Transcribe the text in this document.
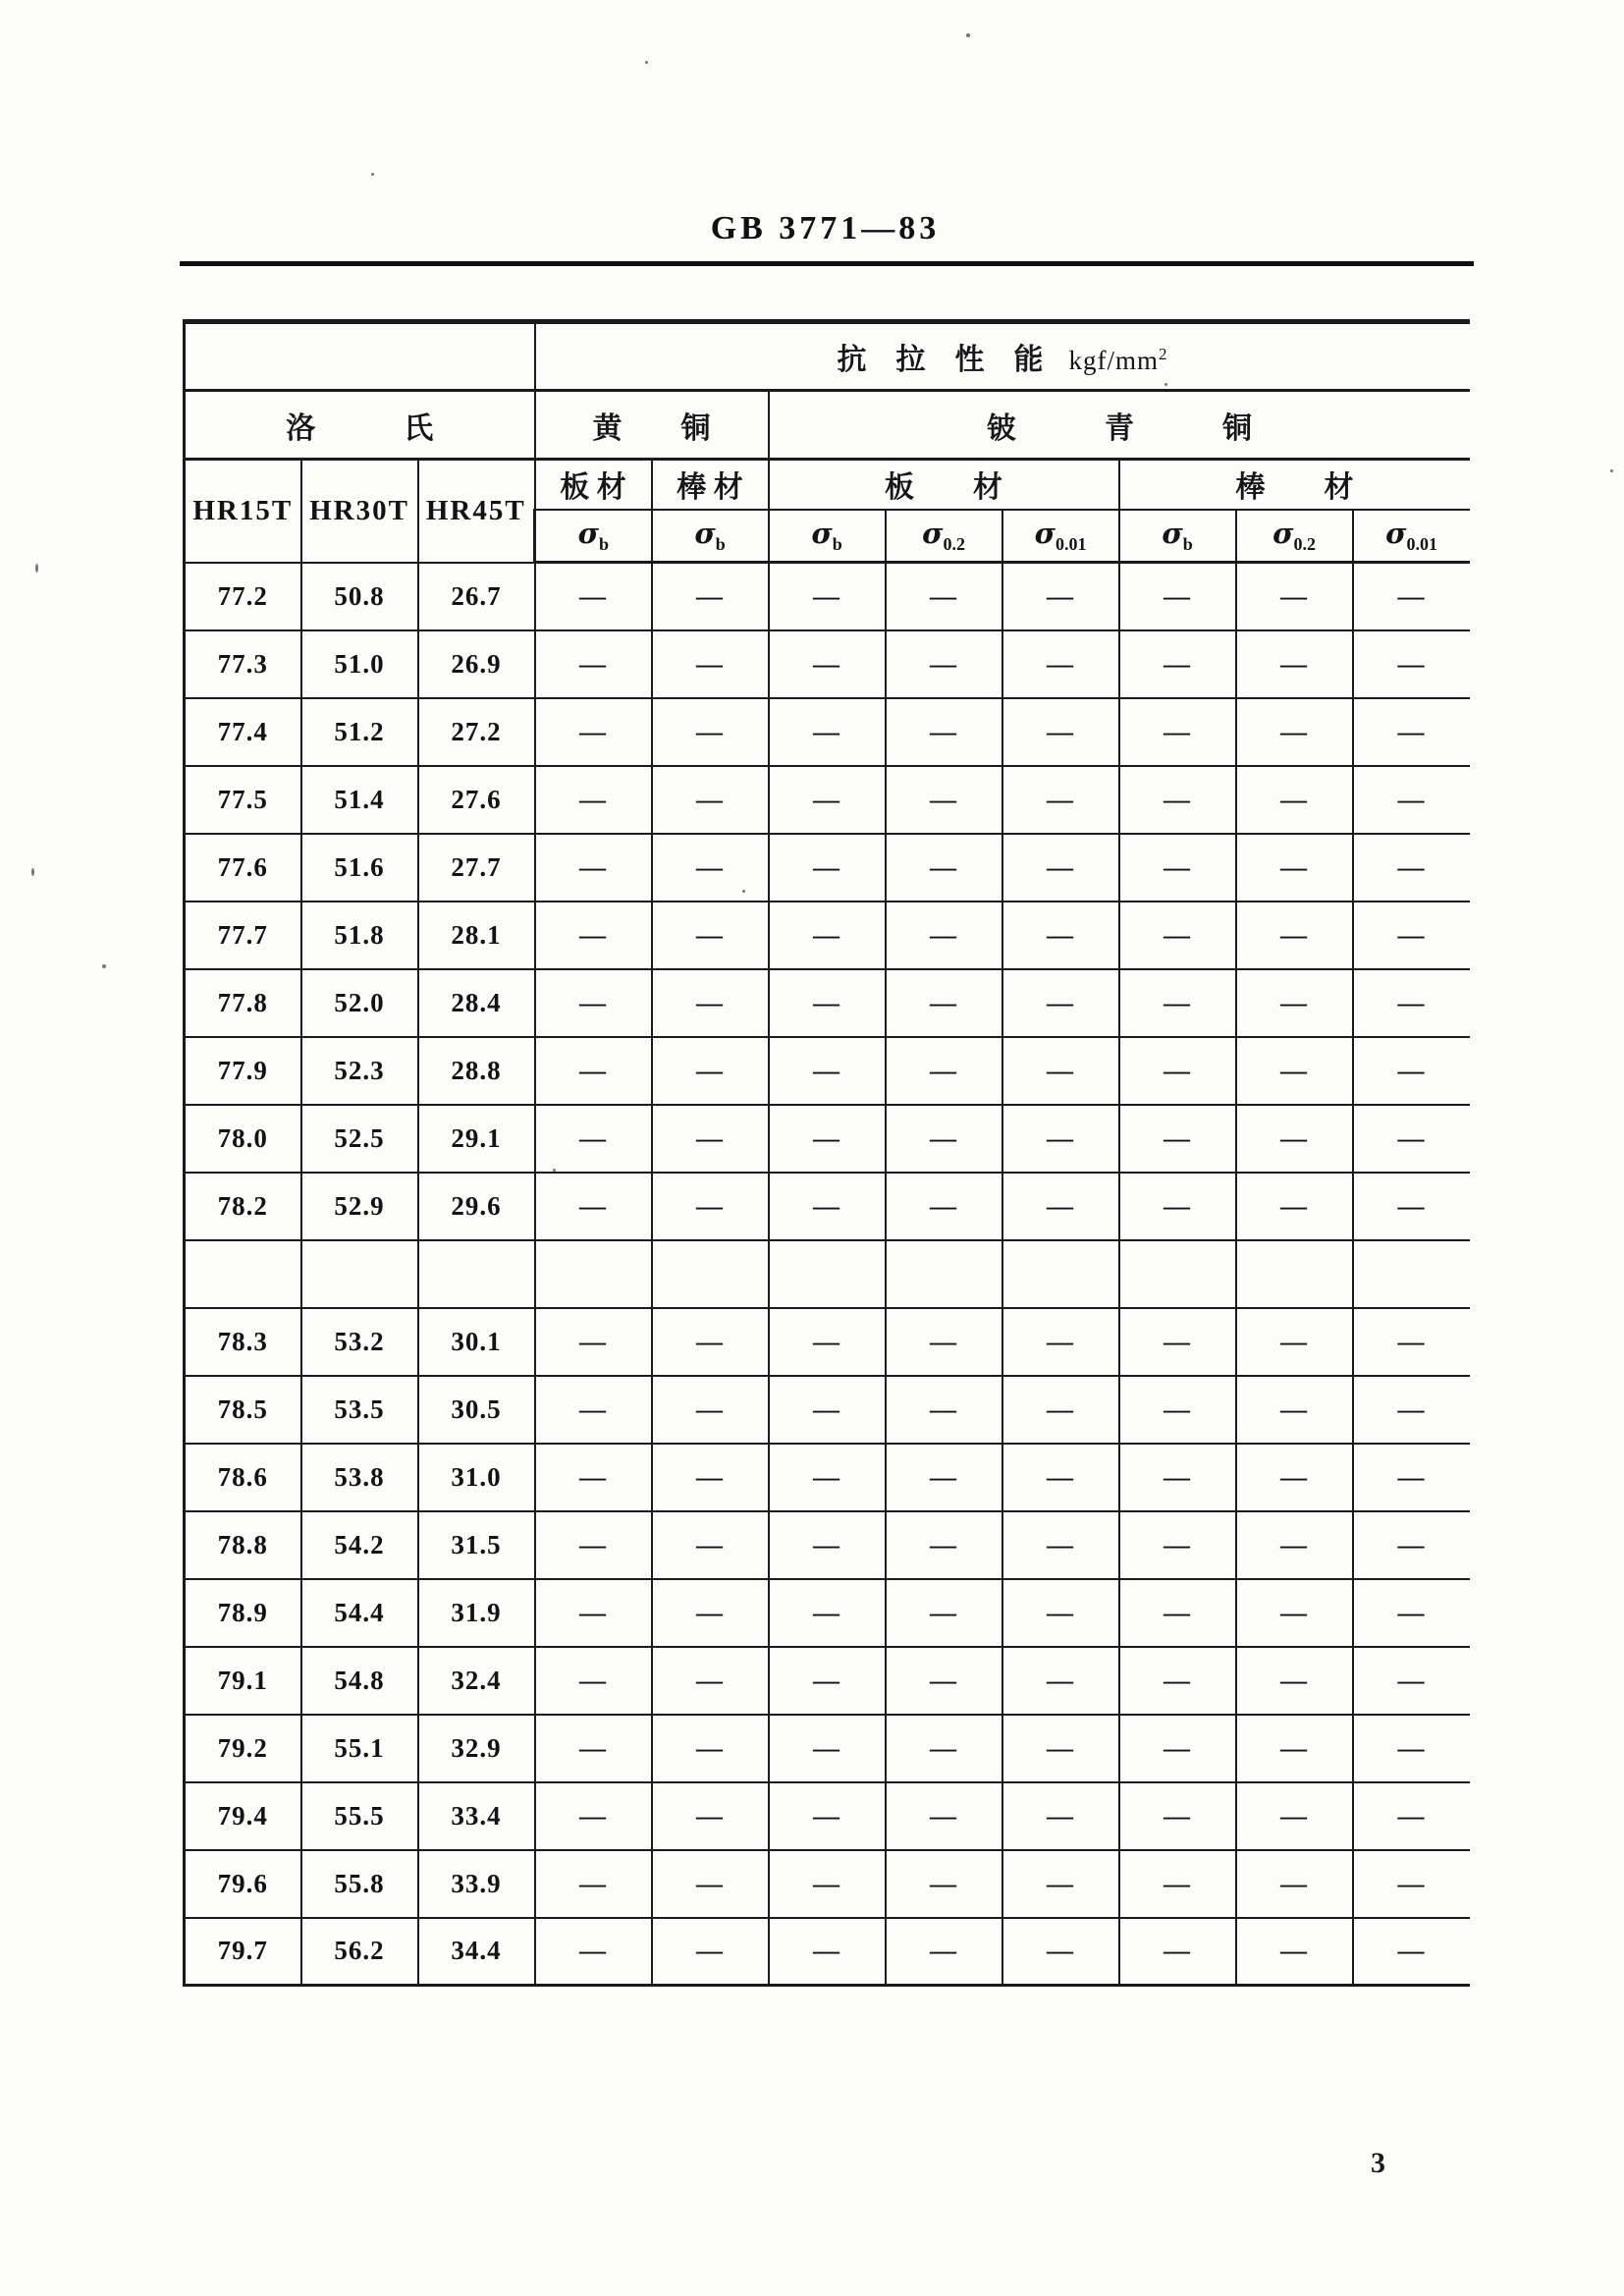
GB 3771—83
			抗　拉　性　能 kgf/$mm^2$
洛　　　氏			黄　　铜		铍　　　青　　　铜					
HR15T	HR30T	HR45T	板 材	棒 材	板　　材			棒　　材		
			$\sigma_b$	$\sigma_b$	$\sigma_b$	$\sigma_{0.2}$	$\sigma_{0.01}$	$\sigma_b$	$\sigma_{0.2}$	$\sigma_{0.01}$
77.2	50.8	26.7	—	—	—	—	—	—	—	—
77.3	51.0	26.9	—	—	—	—	—	—	—	—
77.4	51.2	27.2	—	—	—	—	—	—	—	—
77.5	51.4	27.6	—	—	—	—	—	—	—	—
77.6	51.6	27.7	—	—	—	—	—	—	—	—
77.7	51.8	28.1	—	—	—	—	—	—	—	—
77.8	52.0	28.4	—	—	—	—	—	—	—	—
77.9	52.3	28.8	—	—	—	—	—	—	—	—
78.0	52.5	29.1	—	—	—	—	—	—	—	—
78.2	52.9	29.6	—	—	—	—	—	—	—	—

78.3	53.2	30.1	—	—	—	—	—	—	—	—
78.5	53.5	30.5	—	—	—	—	—	—	—	—
78.6	53.8	31.0	—	—	—	—	—	—	—	—
78.8	54.2	31.5	—	—	—	—	—	—	—	—
78.9	54.4	31.9	—	—	—	—	—	—	—	—
79.1	54.8	32.4	—	—	—	—	—	—	—	—
79.2	55.1	32.9	—	—	—	—	—	—	—	—
79.4	55.5	33.4	—	—	—	—	—	—	—	—
79.6	55.8	33.9	—	—	—	—	—	—	—	—
79.7	56.2	34.4	—	—	—	—	—	—	—	—
3
